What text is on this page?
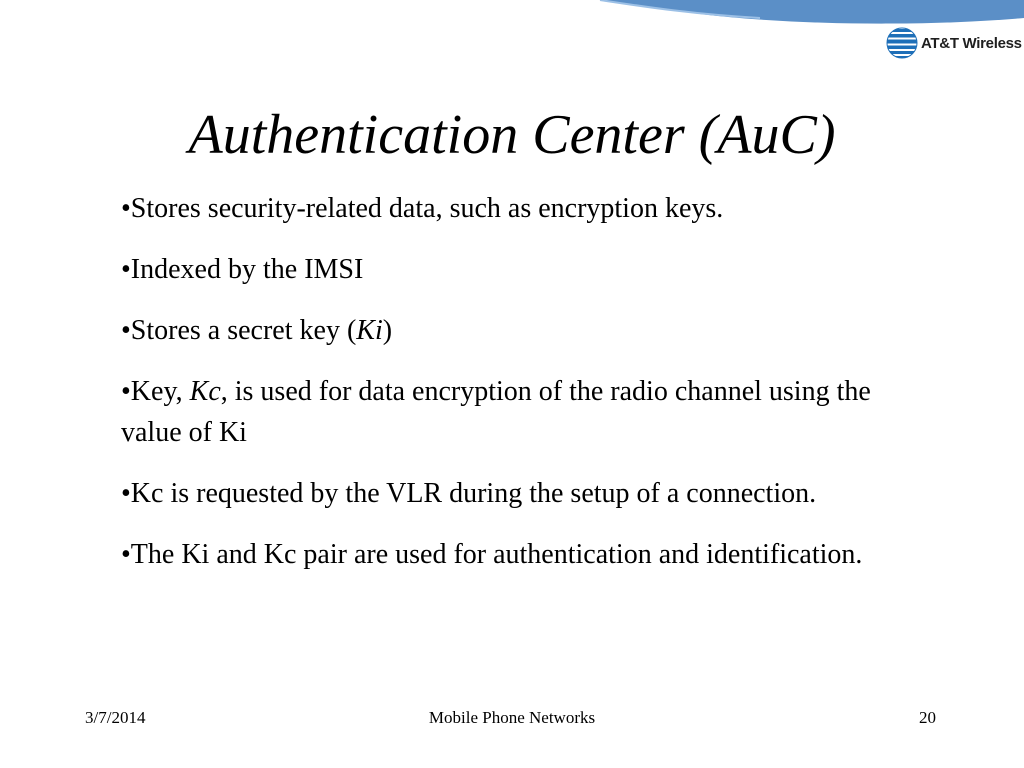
AT&T Wireless
Authentication Center (AuC)
•Stores security-related data, such as encryption keys.
•Indexed by the IMSI
•Stores a secret key (Ki)
•Key, Kc, is used for data encryption of the radio channel using the value of Ki
•Kc is requested by the VLR during the setup of a connection.
•The Ki and Kc pair are used for authentication and identification.
3/7/2014	Mobile Phone Networks	20
